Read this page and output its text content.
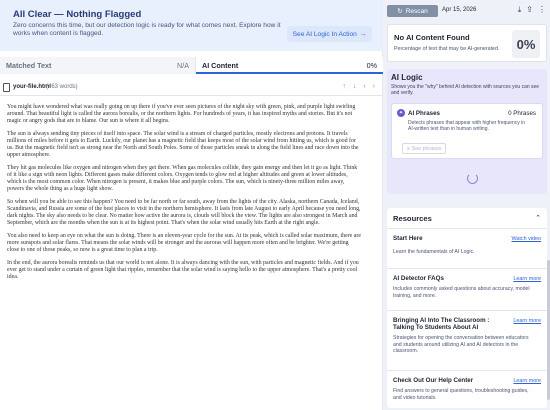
All Clear — Nothing Flagged
Zero concerns this time, but our detection logic is ready for what comes next. Explore how it works when content is flagged.	See AI Logic In Action →
Matched Text	N/A AI Content	0%
your-file.html
(463 words)	↑ ↓ ‹ ›

You might have wondered what was really going on up there if you've ever seen pictures of the night sky with green, pink, and purple light swirling around. That beautiful light is called the aurora borealis, or the northern lights. For hundreds of years, it has inspired myths and stories. But it's not magic or angry gods that are to blame. Our sun is where it all begins.

The sun is always sending tiny pieces of itself into space. The solar wind is a stream of charged particles, mostly electrons and protons. It travels millions of miles before it gets to Earth. Luckily, our planet has a magnetic field that keeps most of the solar wind from hitting us, which is good for us. But the magnetic field isn't as strong near the North and South Poles. Some of those particles sneak in along the field lines and race down into the upper atmosphere.

They hit gas molecules like oxygen and nitrogen when they get there. When gas molecules collide, they gain energy and then let it go as light. Think of it like a sign with neon lights. Different gases make different colors. Oxygen tends to glow red at higher altitudes and green at lower altitudes, which is the most common color. When nitrogen is present, it makes blue and purple colors. The sun, which is ninety-three million miles away, powers the whole thing as a huge light show.

So when will you be able to see this happen? You need to be far north or far south, away from the lights of the city. Alaska, northern Canada, Iceland, Scandinavia, and Russia are some of the best places to visit in the northern hemisphere. It lasts from late August to early April because you need long, dark nights. The sky also needs to be clear. No matter how active the aurora is, clouds will block the view. The lights are also strongest in March and September, which are the months when the sun is at its highest point. That's when the solar wind usually hits Earth at the right angle.

You also need to keep an eye on what the sun is doing. There is an eleven-year cycle for the sun. At its peak, which is called solar maximum, there are more sunspots and solar flares. That means the solar winds will be stronger and the auroras will happen more often and be brighter. We're getting close to one of those peaks, so now is a great time to plan a trip.

In the end, the aurora borealis reminds us that our world is not alone. It is always dancing with the sun, with particles and magnetic fields. And if you ever get to stand under a curtain of green light that ripples, remember that the solar wind is saying hello to the upper atmosphere. That's a pretty cool idea.

↻ Rescan Apr 15, 2026	⤓ ⇪ ⋮
No AI Content Found
Percentage of text that may be AI-generated.	0%
AI Logic
Shows you the "why" behind AI detection with sources you can see and verify.
✦ AI Phrases	0 Phrases
Detects phrases that appear with higher frequency in AI-written text than in human writing.
≡ See phrases
Resources	⌃
Start Here	Watch video
Learn the fundamentals of AI Logic.
AI Detector FAQs	Learn more
Includes commonly asked questions about accuracy, model training, and more.
Bringing AI Into The Classroom : Talking To Students About AI
Learn more
Strategies for opening the conversation between educators and students around utilizing AI and AI detectors in the classroom.
Check Out Our Help Center	Learn more
Find answers to general questions, troubleshooting guides, and video tutorials.
